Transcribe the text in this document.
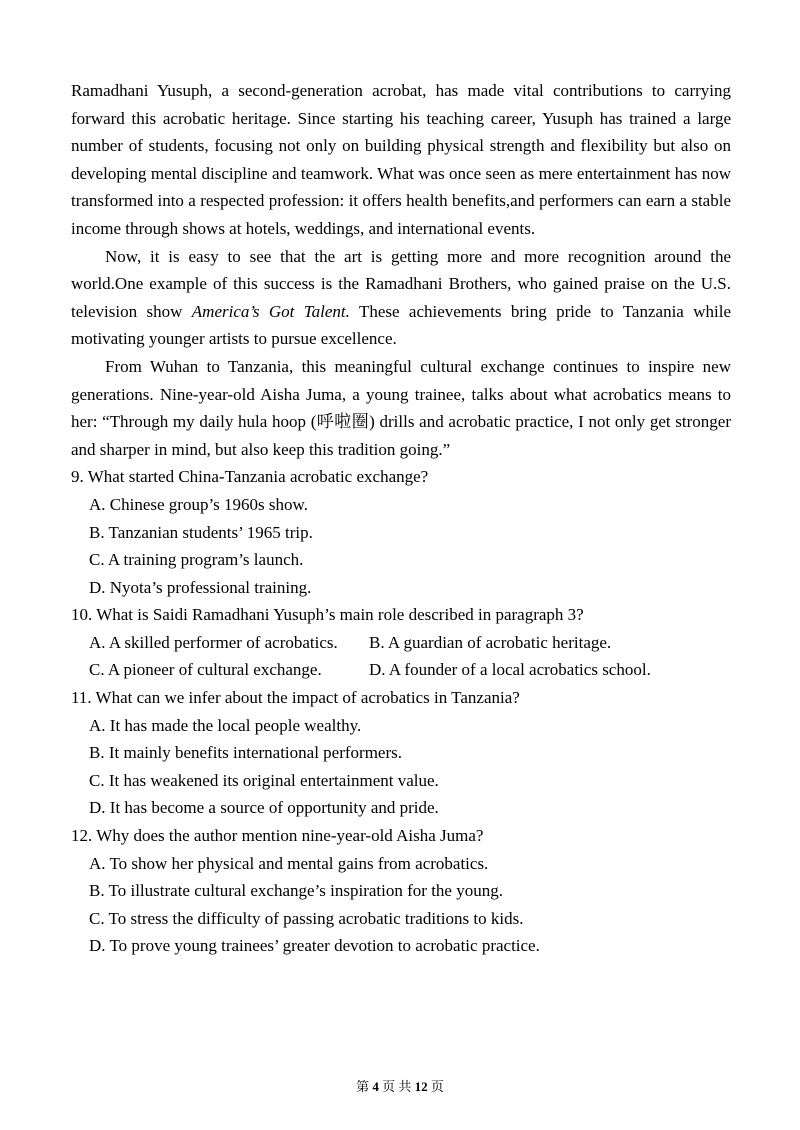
Ramadhani Yusuph, a second-generation acrobat, has made vital contributions to carrying forward this acrobatic heritage. Since starting his teaching career, Yusuph has trained a large number of students, focusing not only on building physical strength and flexibility but also on developing mental discipline and teamwork. What was once seen as mere entertainment has now transformed into a respected profession: it offers health benefits,and performers can earn a stable income through shows at hotels, weddings, and international events.

Now, it is easy to see that the art is getting more and more recognition around the world.One example of this success is the Ramadhani Brothers, who gained praise on the U.S. television show America’s Got Talent. These achievements bring pride to Tanzania while motivating younger artists to pursue excellence.

From Wuhan to Tanzania, this meaningful cultural exchange continues to inspire new generations. Nine-year-old Aisha Juma, a young trainee, talks about what acrobatics means to her: “Through my daily hula hoop (呼啦圈) drills and acrobatic practice, I not only get stronger and sharper in mind, but also keep this tradition going.”

9. What started China-Tanzania acrobatic exchange?

A. Chinese group’s 1960s show.

B. Tanzanian students’ 1965 trip.

C. A training program’s launch.

D. Nyota’s professional training.

10. What is Saidi Ramadhani Yusuph’s main role described in paragraph 3?

A. A skilled performer of acrobatics. B. A guardian of acrobatic heritage.

C. A pioneer of cultural exchange.	D. A founder of a local acrobatics school.

11. What can we infer about the impact of acrobatics in Tanzania?

A. It has made the local people wealthy.

B. It mainly benefits international performers.

C. It has weakened its original entertainment value.

D. It has become a source of opportunity and pride.

12. Why does the author mention nine-year-old Aisha Juma?

A. To show her physical and mental gains from acrobatics.

B. To illustrate cultural exchange’s inspiration for the young.

C. To stress the difficulty of passing acrobatic traditions to kids.

D. To prove young trainees’ greater devotion to acrobatic practice.

第 4 页 共 12 页
